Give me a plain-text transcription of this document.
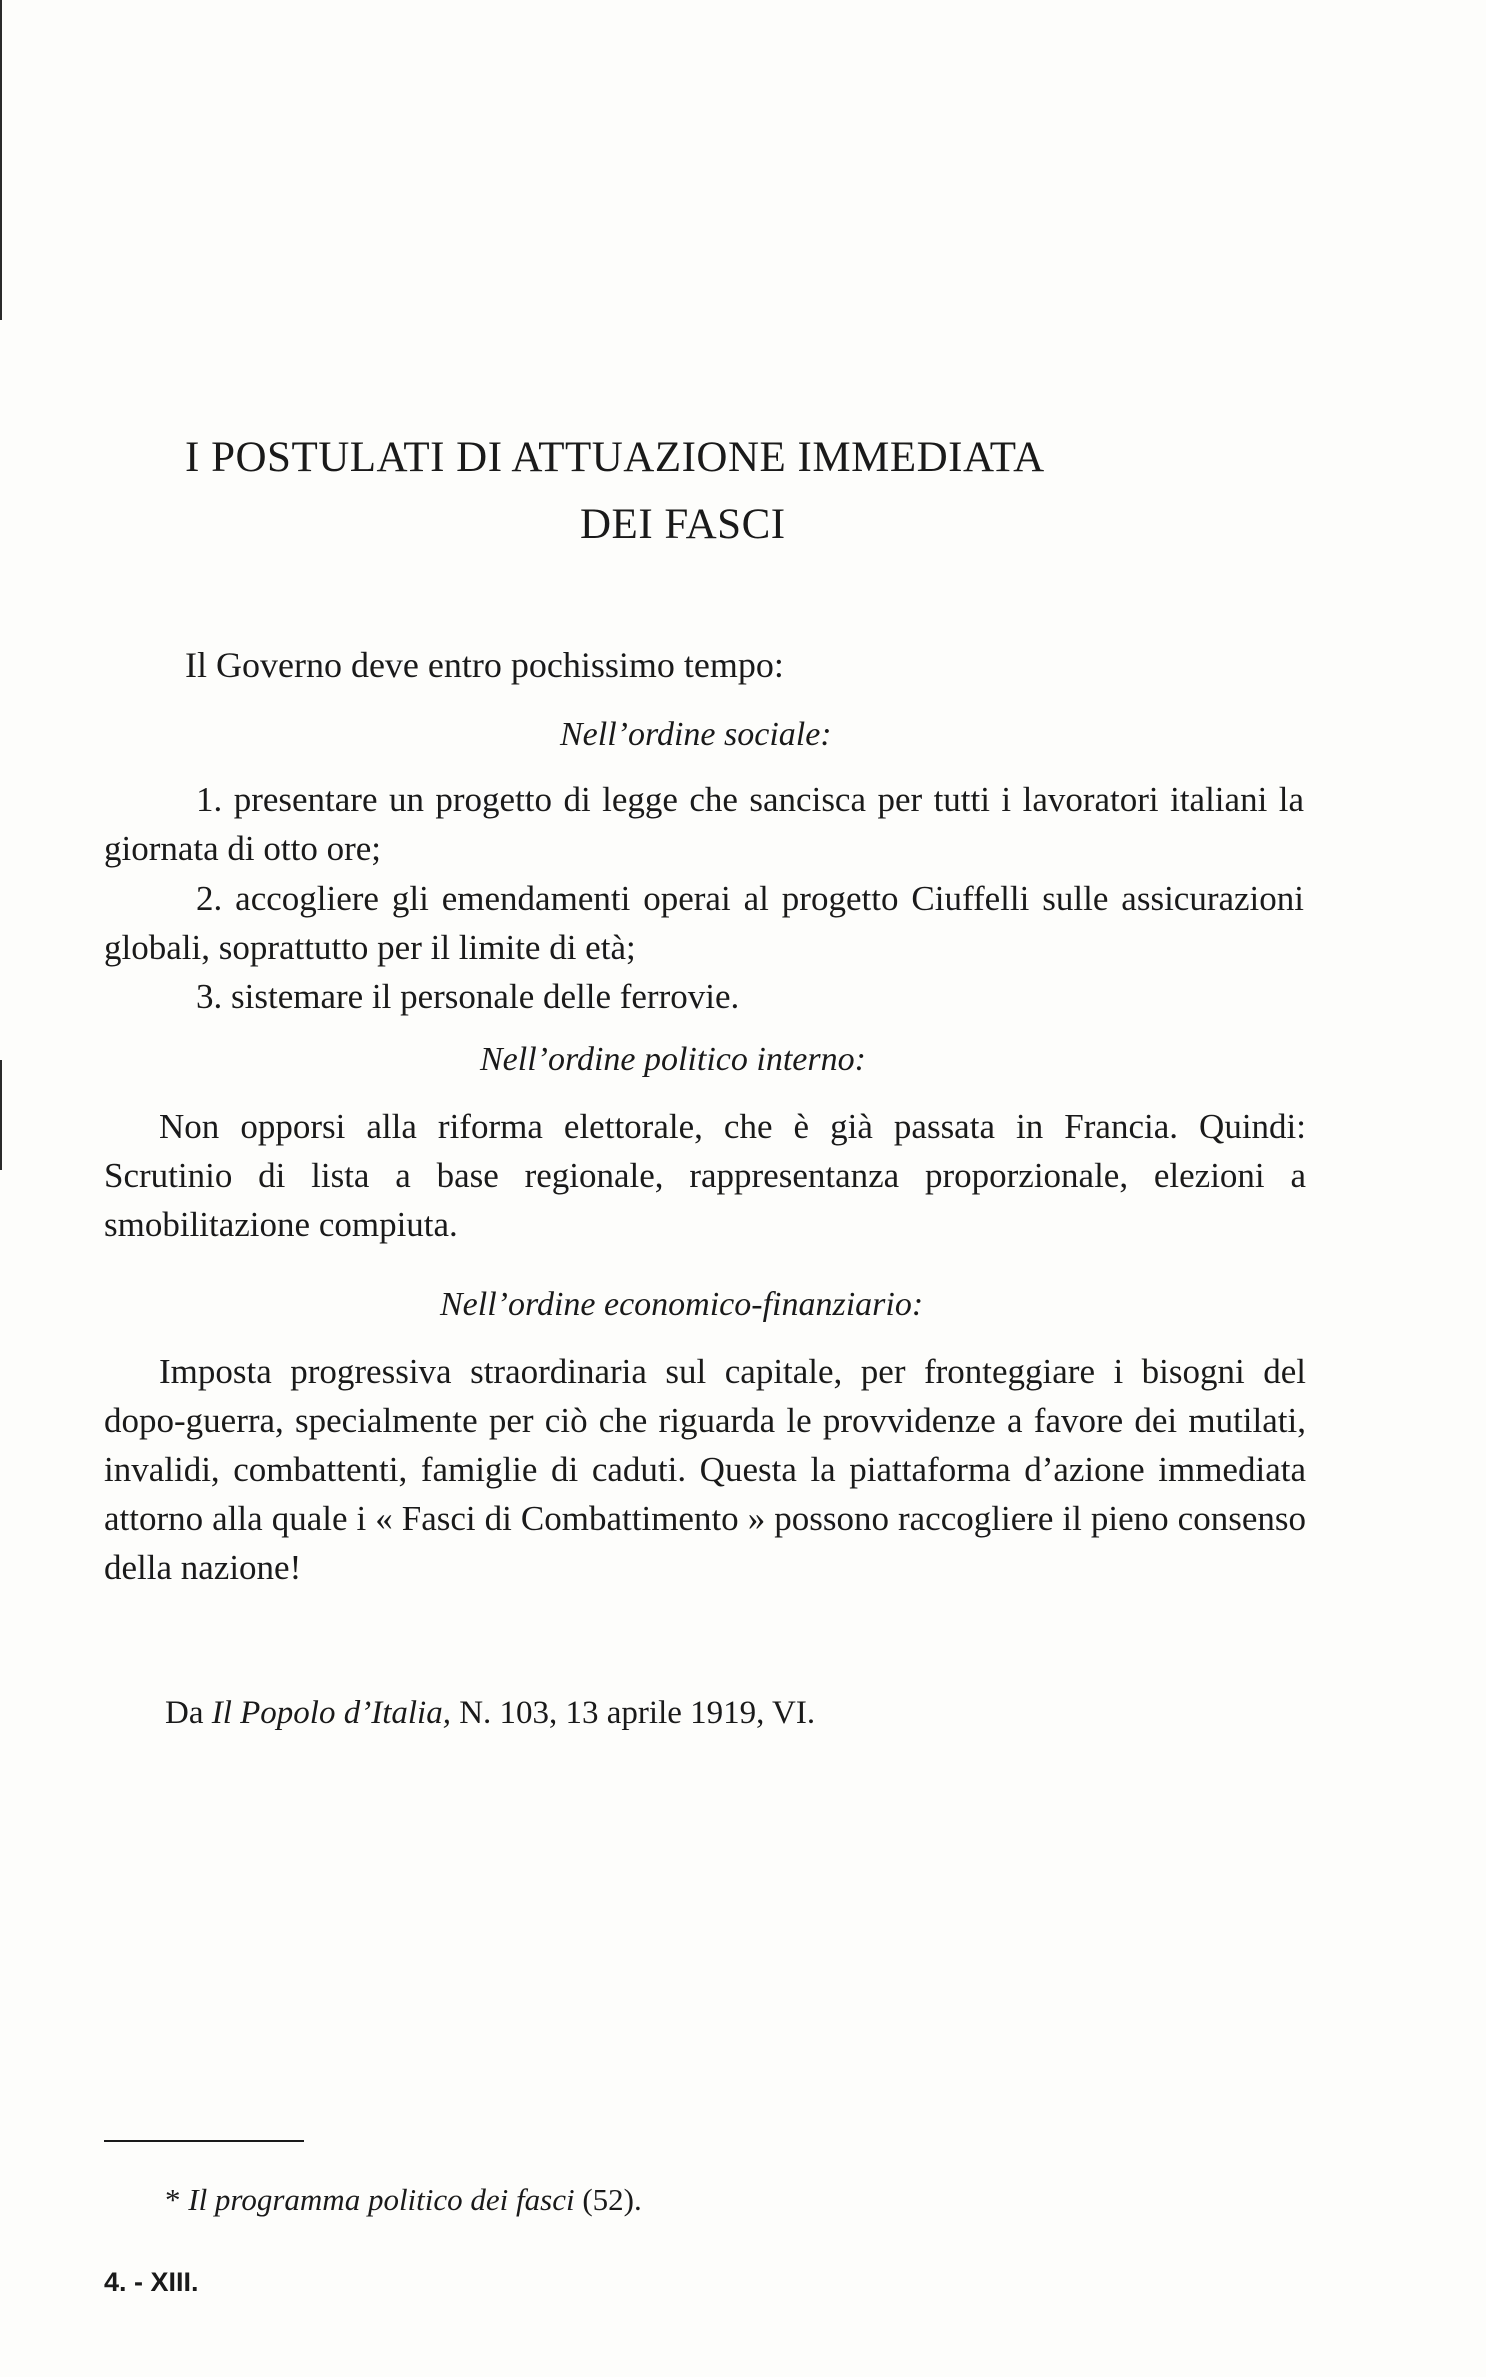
I POSTULATI DI ATTUAZIONE IMMEDIATA
DEI FASCI
Il Governo deve entro pochissimo tempo:
Nell’ordine sociale:
1. presentare un progetto di legge che sancisca per tutti i lavoratori italiani la giornata di otto ore;
2. accogliere gli emendamenti operai al progetto Ciuffelli sulle assicurazioni globali, soprattutto per il limite di età;
3. sistemare il personale delle ferrovie.
Nell’ordine politico interno:
Non opporsi alla riforma elettorale, che è già passata in Francia. Quindi: Scrutinio di lista a base regionale, rappresentanza proporzionale, elezioni a smobilitazione compiuta.
Nell’ordine economico-finanziario:
Imposta progressiva straordinaria sul capitale, per fronteggiare i bisogni del dopo-guerra, specialmente per ciò che riguarda le provvidenze a favore dei mutilati, invalidi, combattenti, famiglie di caduti. Questa la piattaforma d’azione immediata attorno alla quale i « Fasci di Combattimento » possono raccogliere il pieno consenso della nazione!
Da Il Popolo d’Italia, N. 103, 13 aprile 1919, VI.
* Il programma politico dei fasci (52).
4. - XIII.
